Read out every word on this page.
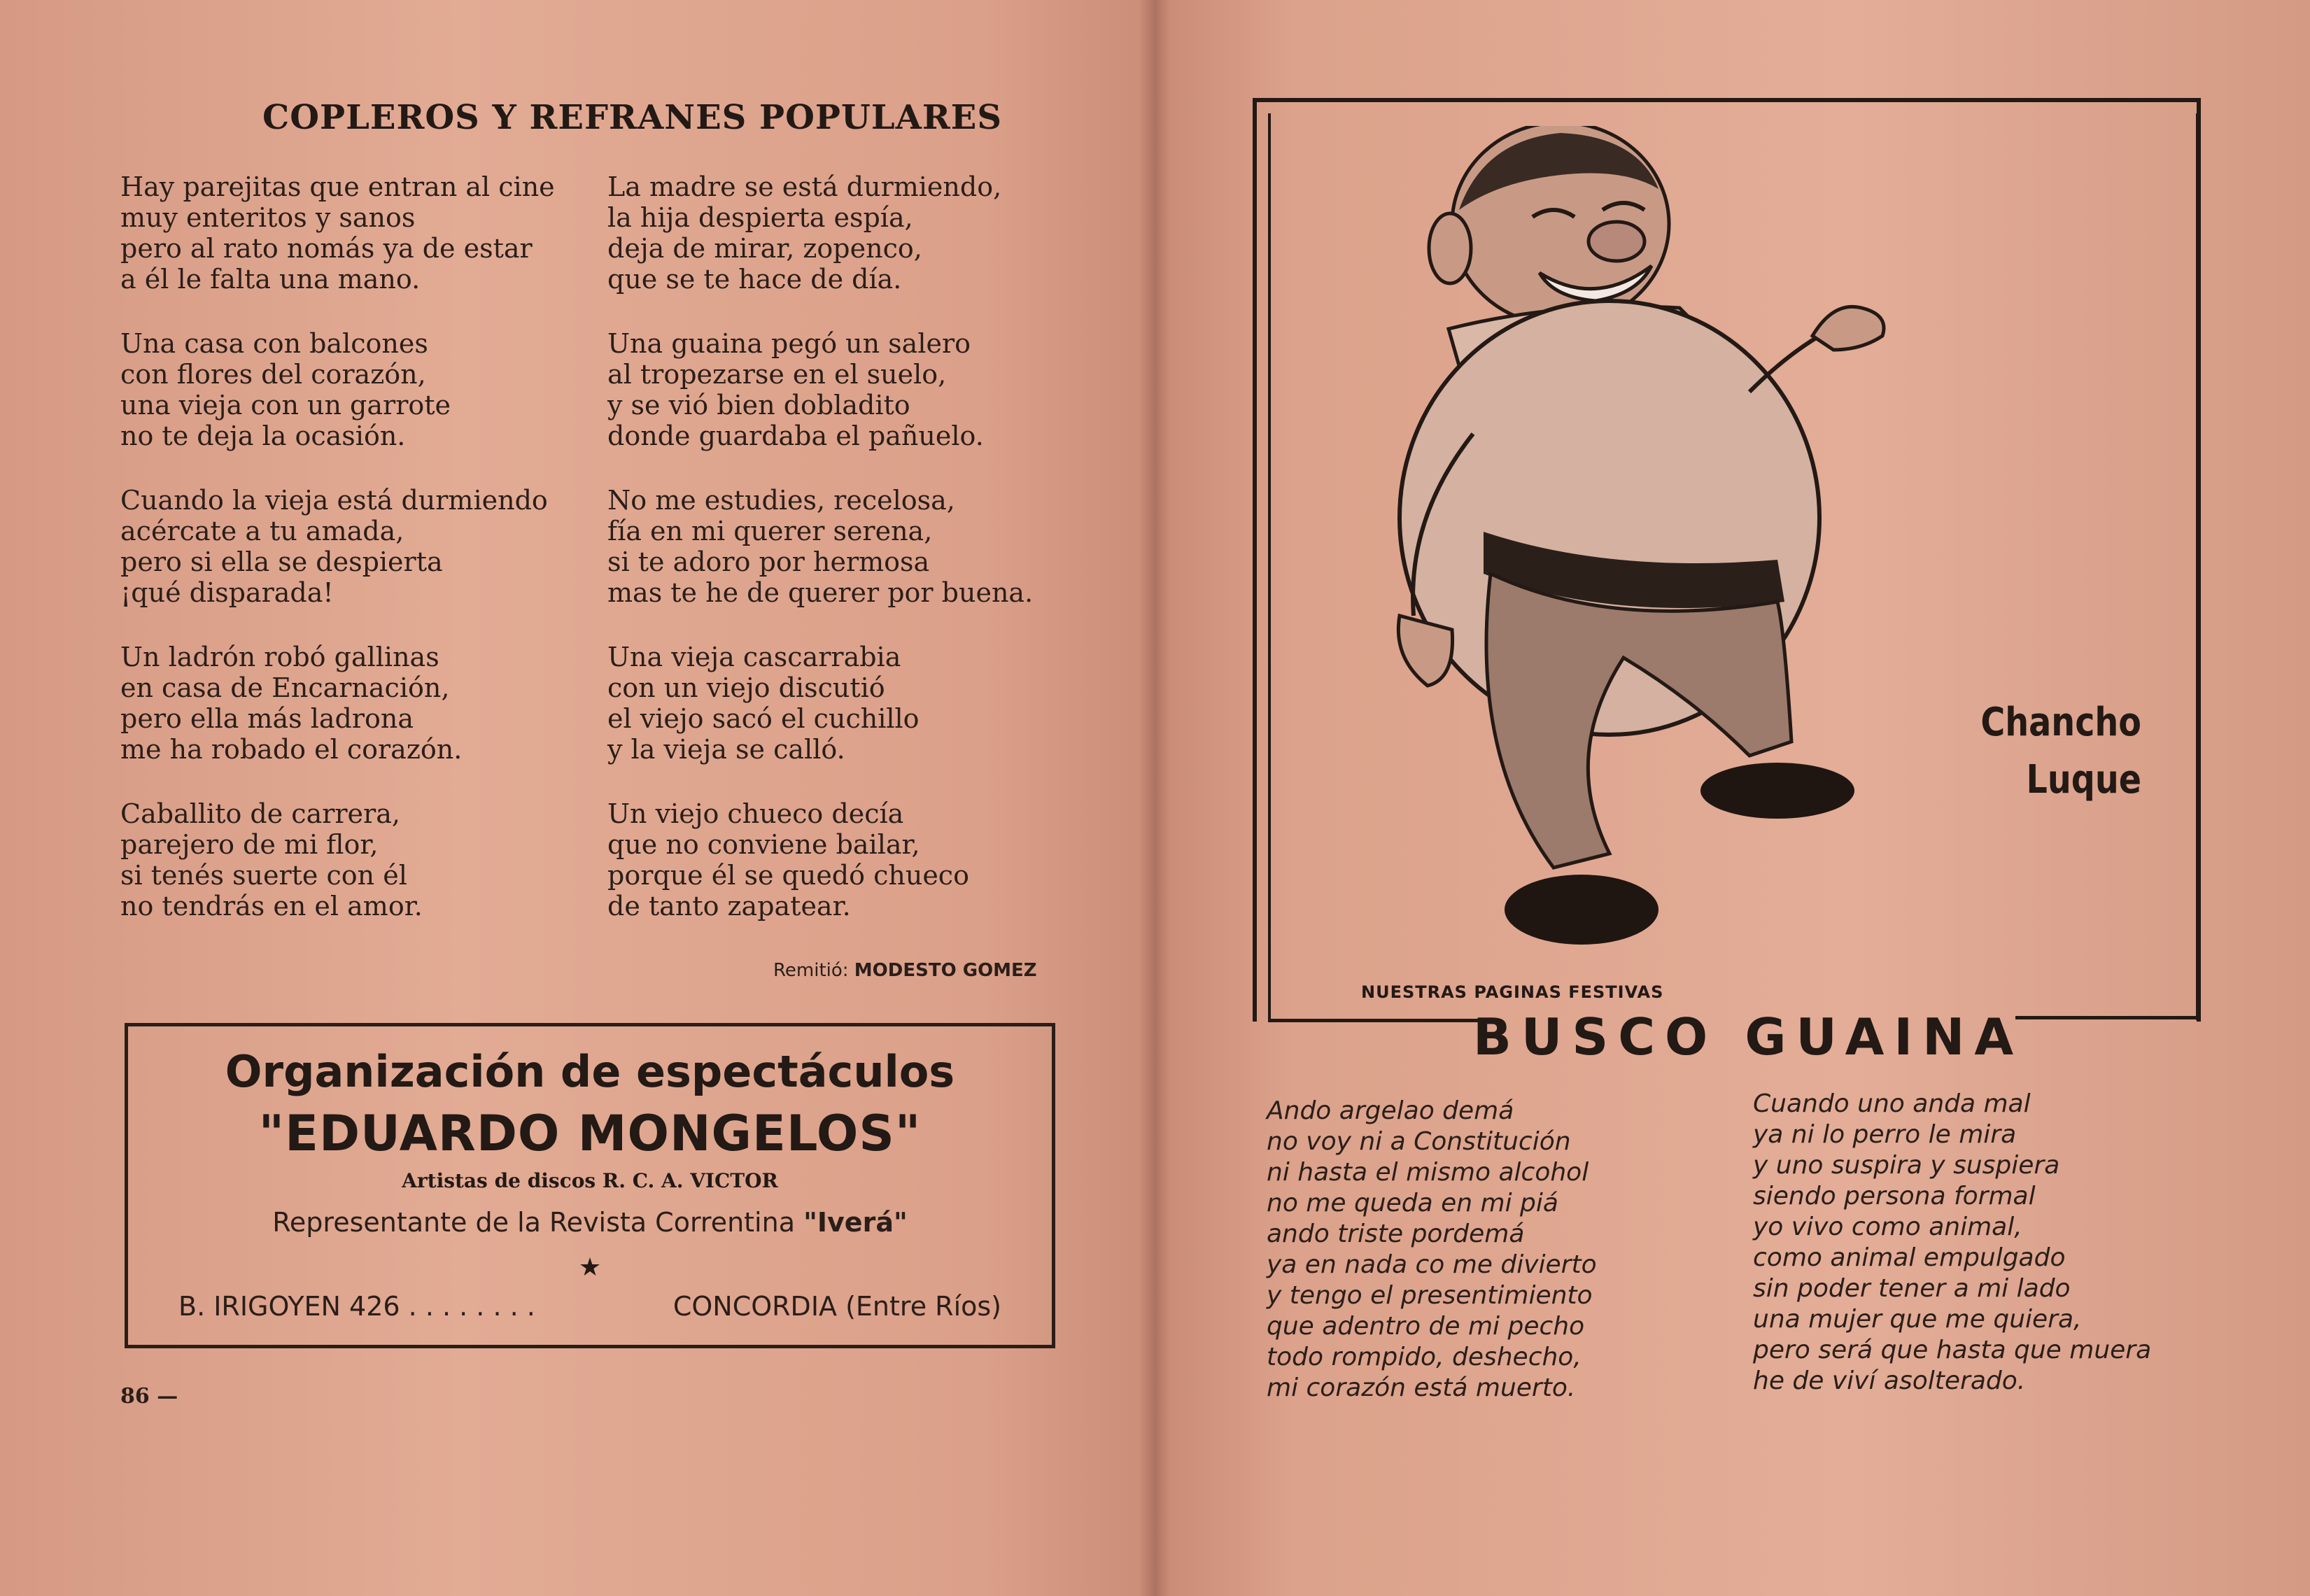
COPLEROS Y REFRANES POPULARES
Hay parejitas que entran al cine
muy enteritos y sanos
pero al rato nomás ya de estar
a él le falta una mano.
Una casa con balcones
con flores del corazón,
una vieja con un garrote
no te deja la ocasión.
Cuando la vieja está durmiendo
acércate a tu amada,
pero si ella se despierta
¡qué disparada!
Un ladrón robó gallinas
en casa de Encarnación,
pero ella más ladrona
me ha robado el corazón.
Caballito de carrera,
parejero de mi flor,
si tenés suerte con él
no tendrás en el amor.
La madre se está durmiendo,
la hija despierta espía,
deja de mirar, zopenco,
que se te hace de día.
Una guaina pegó un salero
al tropezarse en el suelo,
y se vió bien dobladito
donde guardaba el pañuelo.
No me estudies, recelosa,
fía en mi querer serena,
si te adoro por hermosa
mas te he de querer por buena.
Una vieja cascarrabia
con un viejo discutió
el viejo sacó el cuchillo
y la vieja se calló.
Un viejo chueco decía
que no conviene bailar,
porque él se quedó chueco
de tanto zapatear.
Remitió: MODESTO GOMEZ
Organización de espectáculos
"EDUARDO MONGELOS"
Artistas de discos R. C. A. VICTOR
Representante de la Revista Correntina "Iverá"
★
B. IRIGOYEN 426 . . . . . . . .	CONCORDIA (Entre Ríos)
86 —
Chancho
Luque
NUESTRAS PAGINAS FESTIVAS
BUSCO GUAINA
Ando argelao demá
no voy ni a Constitución
ni hasta el mismo alcohol
no me queda en mi piá
ando triste pordemá
ya en nada co me divierto
y tengo el presentimiento
que adentro de mi pecho
todo rompido, deshecho,
mi corazón está muerto.
Cuando uno anda mal
ya ni lo perro le mira
y uno suspira y suspiera
siendo persona formal
yo vivo como animal,
como animal empulgado
sin poder tener a mi lado
una mujer que me quiera,
pero será que hasta que muera
he de viví asolterado.
